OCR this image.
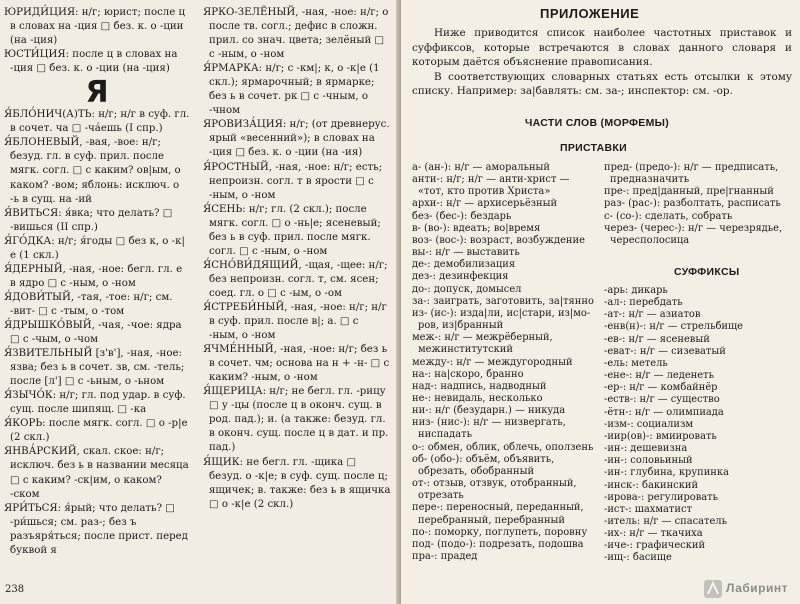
ЮРИДИ́ЦИЯ: н/г; юрист; после ц в словах на -ция □ без. к. о -ции (на -ция)

ЮСТИ́ЦИЯ: после ц в словах на -ция □ без. к. о -ции (на -ция)

Я

Я́БЛО́НИЧ(А)ТЬ: н/г; н/г в суф. гл. в сочет. ча □ -ча́ешь (I спр.)

Я́БЛОНЕВЫЙ, -вая, -вое: н/г; безуд. гл. в суф. прил. после мягк. согл. □ с каким? ов|ым, о каком? -вом; яблонь: исключ. о -ь в сущ. на -ий

Я́ВИТЬСЯ: я́вка; что делать? □ -вишься (II спр.)

Я́ГО́ДКА: н/г; я́годы □ без к, о -к|е (1 скл.)

Я́ДЕРНЫЙ, -ная, -ное: бегл. гл. е в ядро □ с -ным, о -ном

Я́ДОВИ́ТЫЙ, -тая, -тое: н/г; см. -вит- □ с -тым, о -том

Я́ДРЫШКО́ВЫЙ, -чая, -чое: ядра □ с -чым, о -чом

Я́ЗВИТЕЛЬНЫЙ [з'в'], -ная, -ное: язва; без ь в сочет. зв, см. -тель; после [л'] □ с -ьным, о -ьном

Я́ЗЫЧО́К: н/г; гл. под удар. в суф. сущ. после шипящ. □ -ка

Я́КОРЬ: после мягк. согл. □ о -р|е (2 скл.)

ЯНВА́РСКИЙ, скал. ское: н/г; исключ. без ь в названии месяца □ с каким? -ск|им, о каком? -ском

ЯРИ́ТЬСЯ: я́рый; что делать? □ -ри́шься; см. раз-; без ъ разъяря́ться; после прист. перед буквой я

ЯРКО-ЗЕЛЁНЫЙ, -ная, -ное: н/г; о после тв. согл.; дефис в сложн. прил. со знач. цвета; зелёный □ с -ным, о -ном

Я́РМАРКА: н/г; с -км|; к, о -к|е (1 скл.); ярмарочный; в ярмарке; без ь в сочет. рк □ с -чным, о -чном

ЯРОВИЗА́ЦИЯ: н/г; (от древнерус. ярый «весенний»); в словах на -ция □ без. к. о -ции (на -ия)

Я́РОСТНЫЙ, -ная, -ное: н/г; есть; непроизн. согл. т в ярости □ с -ным, о -ном

Я́СЕНЬ: н/г; гл. (2 скл.); после мягк. согл. □ о -нь|е; ясеневый; без ь в суф. прил. после мягк. согл. □ с -ным, о -ном

Я́СНО́ВИ́ДЯЩИЙ, -щая, -щее: н/г; без непроизн. согл. т, см. ясен; соед. гл. о □ с -ым, о -ом

Я́СТРЕБИ́НЫЙ, -ная, -ное: н/г; н/г в суф. прил. после в|; а. □ с -ным, о -ном

ЯЧМЕ́ННЫЙ, -ная, -ное: н/г; без ь в сочет. чм; основа на н + -н- □ с каким? -ным, о -ном

Я́ЩЕРИЦА: н/г; не бегл. гл. -рицу □ у -цы (после ц в оконч. сущ. в род. пад.); и. (а также: безуд. гл. в оконч. сущ. после ц в дат. и пр. пад.)

Я́ЩИК: не бегл. гл. -щика □ безуд. о -к|е; в суф. сущ. после ц; ящичек; в. также: без ь в ящичка □ о -к|е (2 скл.)

238
ПРИЛОЖЕНИЕ

Ниже приводится список наиболее частотных приставок и суффиксов, которые встречаются в словах данного словаря и которым даётся объяснение правописания.

В соответствующих словарных статьях есть отсылки к этому списку. Например: за|бавлять: см. за-; инспектор: см. -ор.

ЧАСТИ СЛОВ (МОРФЕМЫ)
ПРИСТАВКИ

а- (ан-): н/г — аморальный

анти-: н/г; н/г — анти-христ — «тот, кто против Христа»

архи-: н/г — архисерьёзный

без- (бес-): бездарь

в- (во-): вдеать; во|время

воз- (вос-): возраст, возбуждение

вы-: н/г — выставить

де-: демобилизация

дез-: дезинфекция

до-: допуск, домысел

за-: заиграть, заготовить, за|тянно

из- (ис-): изда|ли, ис|стари, из|мо-ров, из|бранный

меж-: н/г — межрёберный, межинститутский

между-: н/г — междугородный

на-: на|скоро, бранно

над-: надпись, надводный

не-: невидаль, несколько

ни-: н/г (безударн.) — никуда

низ- (нис-): н/г — низвергать, ниспадать

о-: обмен, облик, облечь, оползень

об- (обо-): объём, объявить, обрезать, обобранный

от-: отзыв, отзвук, отобранный, отрезать

пере-: переносный, переданный, перебранный, перебранный

по-: поморку, поглупеть, поровну

под- (подо-): подрезать, подошва

пра-: прадед

пред- (предо-): н/г — предписать, предназначить

пре-: пред|данный, пре|гнанный

раз- (рас-): разболтать, расписать

с- (со-): сделать, собрать

через- (черес-): н/г — черезрядье, чересполосица

СУФФИКСЫ

-арь: дикарь

-ал-: перебдать

-ат-: н/г — азиатов

-енв(н)-: н/г — стрельбище

-ев-: н/г — ясеневый

-еват-: н/г — сизеватый

-ель: метель

-ене-: н/г — леденеть

-ер-: н/г — комбайнёр

-еств-: н/г — существо

-ётн-: н/г — олимпиада

-изм-: социализм

-иир(ов)-: вмиировать

-ин-: дешевизна

-ин-: соловьиный

-ин-: глубина, крупинка

-инск-: бакинский

-ирова-: регулировать

-ист-: шахматист

-итель: н/г — спасатель

-их-: н/г — ткачиха

-иче-: графический

-ищ-: басище

Лабиринт
